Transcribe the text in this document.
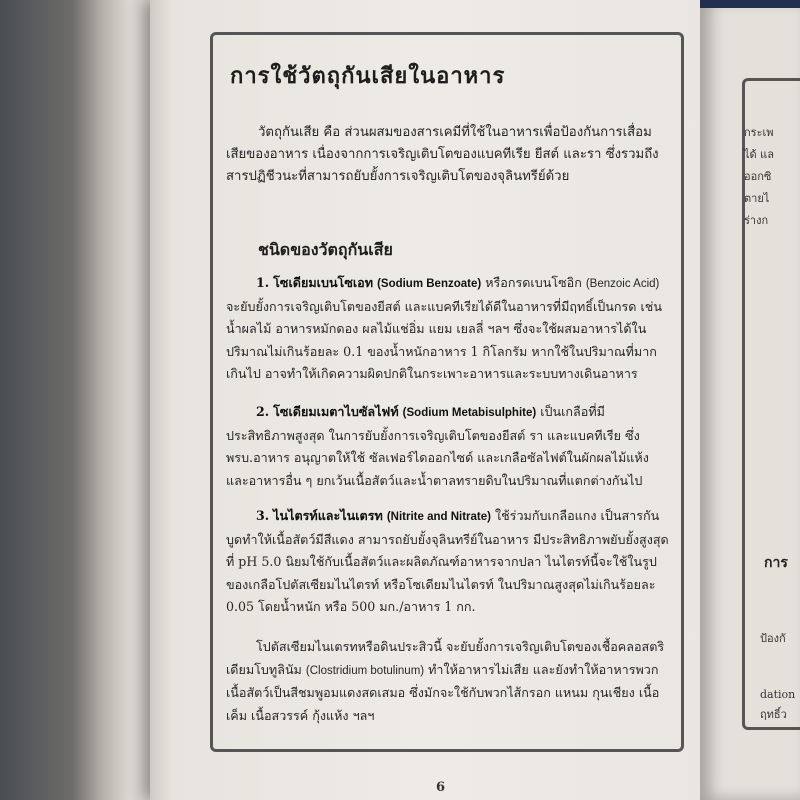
การใช้วัตถุกันเสียในอาหาร

วัตถุกันเสีย คือ ส่วนผสมของสารเคมีที่ใช้ในอาหารเพื่อป้องกันการเสื่อมเสียของอาหาร เนื่องจากการเจริญเติบโตของแบคทีเรีย ยีสต์ และรา ซึ่งรวมถึงสารปฏิชีวนะที่สามารถยับยั้งการเจริญเติบโตของจุลินทรีย์ด้วย

ชนิดของวัตถุกันเสีย

1. โซเดียมเบนโซเอท (Sodium Benzoate) หรือกรดเบนโซอิก (Benzoic Acid) จะยับยั้งการเจริญเติบโตของยีสต์ และแบคทีเรียได้ดีในอาหารที่มีฤทธิ์เป็นกรด เช่น น้ำผลไม้ อาหารหมักดอง ผลไม้แช่อิ่ม แยม เยลลี่ ฯลฯ ซึ่งจะใช้ผสมอาหารได้ในปริมาณไม่เกินร้อยละ 0.1 ของน้ำหนักอาหาร 1 กิโลกรัม หากใช้ในปริมาณที่มากเกินไป อาจทำให้เกิดความผิดปกติในกระเพาะอาหารและระบบทางเดินอาหาร

2. โซเดียมเมตาไบซัลไฟท์ (Sodium Metabisulphite) เป็นเกลือที่มีประสิทธิภาพสูงสุด ในการยับยั้งการเจริญเติบโตของยีสต์ รา และแบคทีเรีย ซึ่งพรบ.อาหาร อนุญาตให้ใช้ ซัลเฟอร์ไดออกไซด์ และเกลือซัลไฟต์ในผักผลไม้แห้ง และอาหารอื่น ๆ ยกเว้นเนื้อสัตว์และน้ำตาลทรายดิบในปริมาณที่แตกต่างกันไป

3. ไนไตรท์และไนเตรท (Nitrite and Nitrate) ใช้ร่วมกับเกลือแกง เป็นสารกันบูดทำให้เนื้อสัตว์มีสีแดง สามารถยับยั้งจุลินทรีย์ในอาหาร มีประสิทธิภาพยับยั้งสูงสุดที่ pH 5.0 นิยมใช้กับเนื้อสัตว์และผลิตภัณฑ์อาหารจากปลา ไนไตรท์นี้จะใช้ในรูปของเกลือโปตัสเซียมไนไตรท์ หรือโซเดียมไนไตรท์ ในปริมาณสูงสุดไม่เกินร้อยละ 0.05 โดยน้ำหนัก หรือ 500 มก./อาหาร 1 กก.

โปตัสเซียมไนเตรทหรือดินประสิวนี้ จะยับยั้งการเจริญเติบโตของเชื้อคลอสตริเดียมโบทูลินัม (Clostridium botulinum) ทำให้อาหารไม่เสีย และยังทำให้อาหารพวกเนื้อสัตว์เป็นสีชมพูอมแดงสดเสมอ ซึ่งมักจะใช้กับพวกไส้กรอก แหนม กุนเชียง เนื้อเค็ม เนื้อสวรรค์ กุ้งแห้ง ฯลฯ

6
กระเพ
ได้ แล
ออกซิ
ตายไ
ร่างก
การ
ป้องกั
dation
ฤทธิ์ว
